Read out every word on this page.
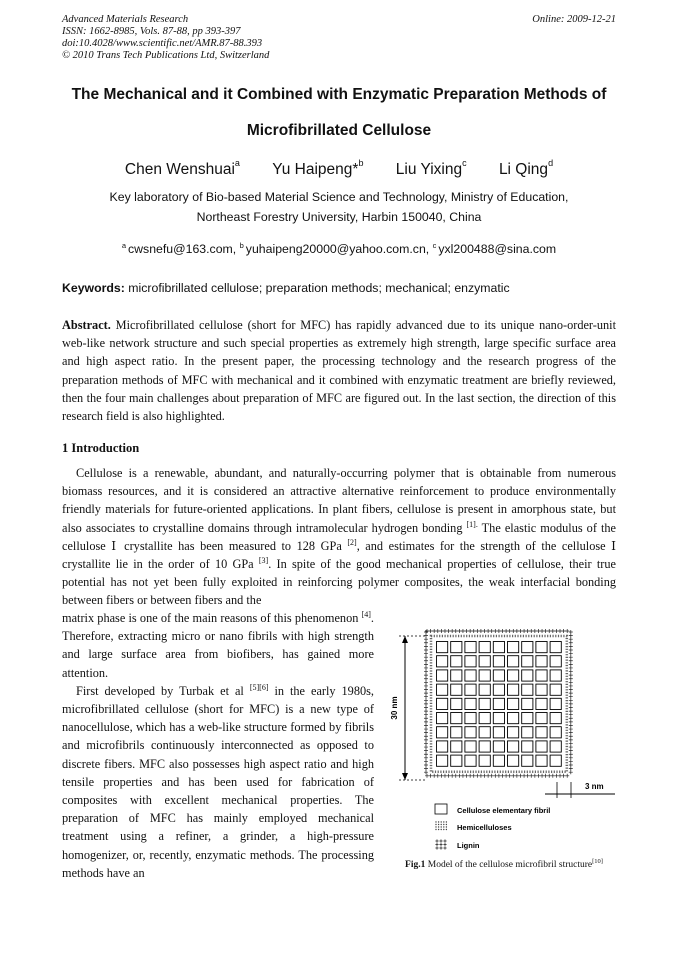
Advanced Materials Research
ISSN: 1662-8985, Vols. 87-88, pp 393-397
doi:10.4028/www.scientific.net/AMR.87-88.393
© 2010 Trans Tech Publications Ltd, Switzerland
Online: 2009-12-21
The Mechanical and it Combined with Enzymatic Preparation Methods of
Microfibrillated Cellulose
Chen Wenshuai$^a$ Yu Haipeng*$^b$ Liu Yixing$^c$ Li Qing$^d$
Key laboratory of Bio-based Material Science and Technology, Ministry of Education,
Northeast Forestry University, Harbin 150040, China
$^a$ cwsnefu@163.com, $^b$ yuhaipeng20000@yahoo.com.cn, $^c$ yxl200488@sina.com
Keywords: microfibrillated cellulose; preparation methods; mechanical; enzymatic
Abstract. Microfibrillated cellulose (short for MFC) has rapidly advanced due to its unique nano-order-unit web-like network structure and such special properties as extremely high strength, large specific surface area and high aspect ratio. In the present paper, the processing technology and the research progress of the preparation methods of MFC with mechanical and it combined with enzymatic treatment are briefly reviewed, then the four main challenges about preparation of MFC are figured out. In the last section, the direction of this research field is also highlighted.
1 Introduction
Cellulose is a renewable, abundant, and naturally-occurring polymer that is obtainable from numerous biomass resources, and it is considered an attractive alternative reinforcement to produce environmentally friendly materials for future-oriented applications. In plant fibers, cellulose is present in amorphous state, but also associates to crystalline domains through intramolecular hydrogen bonding $^{[1].}$ The elastic modulus of the cellulose Ⅰ crystallite has been measured to 128 GPa [2], and estimates for the strength of the cellulose Ⅰ crystallite lie in the order of 10 GPa [3]. In spite of the good mechanical properties of cellulose, their true potential has not yet been fully exploited in reinforcing polymer composites, the weak interfacial bonding between fibers or between fibers and the
matrix phase is one of the main reasons of this phenomenon [4]. Therefore, extracting micro or nano fibrils with high strength and large surface area from biofibers, has gained more attention.
First developed by Turbak et al [5][6] in the early 1980s, microfibrillated cellulose (short for MFC) is a new type of nanocellulose, which has a web-like structure formed by fibrils and microfibrils continuously interconnected as opposed to discrete fibers. MFC also possesses high aspect ratio and high tensile properties and has been used for fabrication of composites with excellent mechanical properties. The preparation of MFC has mainly employed mechanical treatment using a refiner, a grinder, a high-pressure homogenizer, or, recently, enzymatic methods. The processing methods have an
30 nm
3 nm
Cellulose elementary fibril
Hemicelluloses
Lignin
Fig.1 Model of the cellulose microfibril structure[10]
